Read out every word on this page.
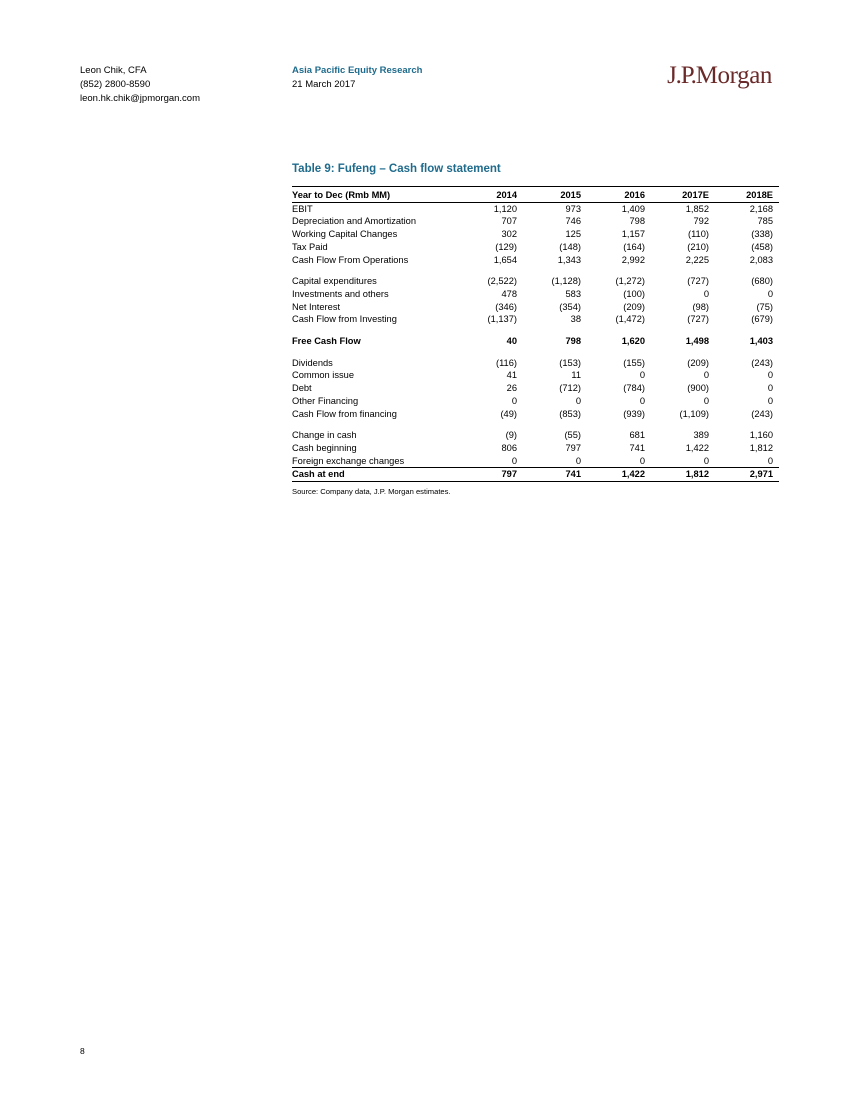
Leon Chik, CFA
(852) 2800-8590
leon.hk.chik@jpmorgan.com
Asia Pacific Equity Research
21 March 2017	J.P.Morgan
Table 9: Fufeng – Cash flow statement
Year to Dec (Rmb MM)	2014	2015	2016	2017E	2018E
EBIT	1,120	973	1,409	1,852	2,168
Depreciation and Amortization	707	746	798	792	785
Working Capital Changes	302	125	1,157	(110)	(338)
Tax Paid	(129)	(148)	(164)	(210)	(458)
Cash Flow From Operations	1,654	1,343	2,992	2,225	2,083

Capital expenditures	(2,522)	(1,128)	(1,272)	(727)	(680)
Investments and others	478	583	(100)	0	0
Net Interest	(346)	(354)	(209)	(98)	(75)
Cash Flow from Investing	(1,137)	38	(1,472)	(727)	(679)

Free Cash Flow	40	798	1,620	1,498	1,403

Dividends	(116)	(153)	(155)	(209)	(243)
Common issue	41	11	0	0	0
Debt	26	(712)	(784)	(900)	0
Other Financing	0	0	0	0	0
Cash Flow from financing	(49)	(853)	(939)	(1,109)	(243)

Change in cash	(9)	(55)	681	389	1,160
Cash beginning	806	797	741	1,422	1,812
Foreign exchange changes	0	0	0	0	0
Cash at end	797	741	1,422	1,812	2,971
Source: Company data, J.P. Morgan estimates.
8
